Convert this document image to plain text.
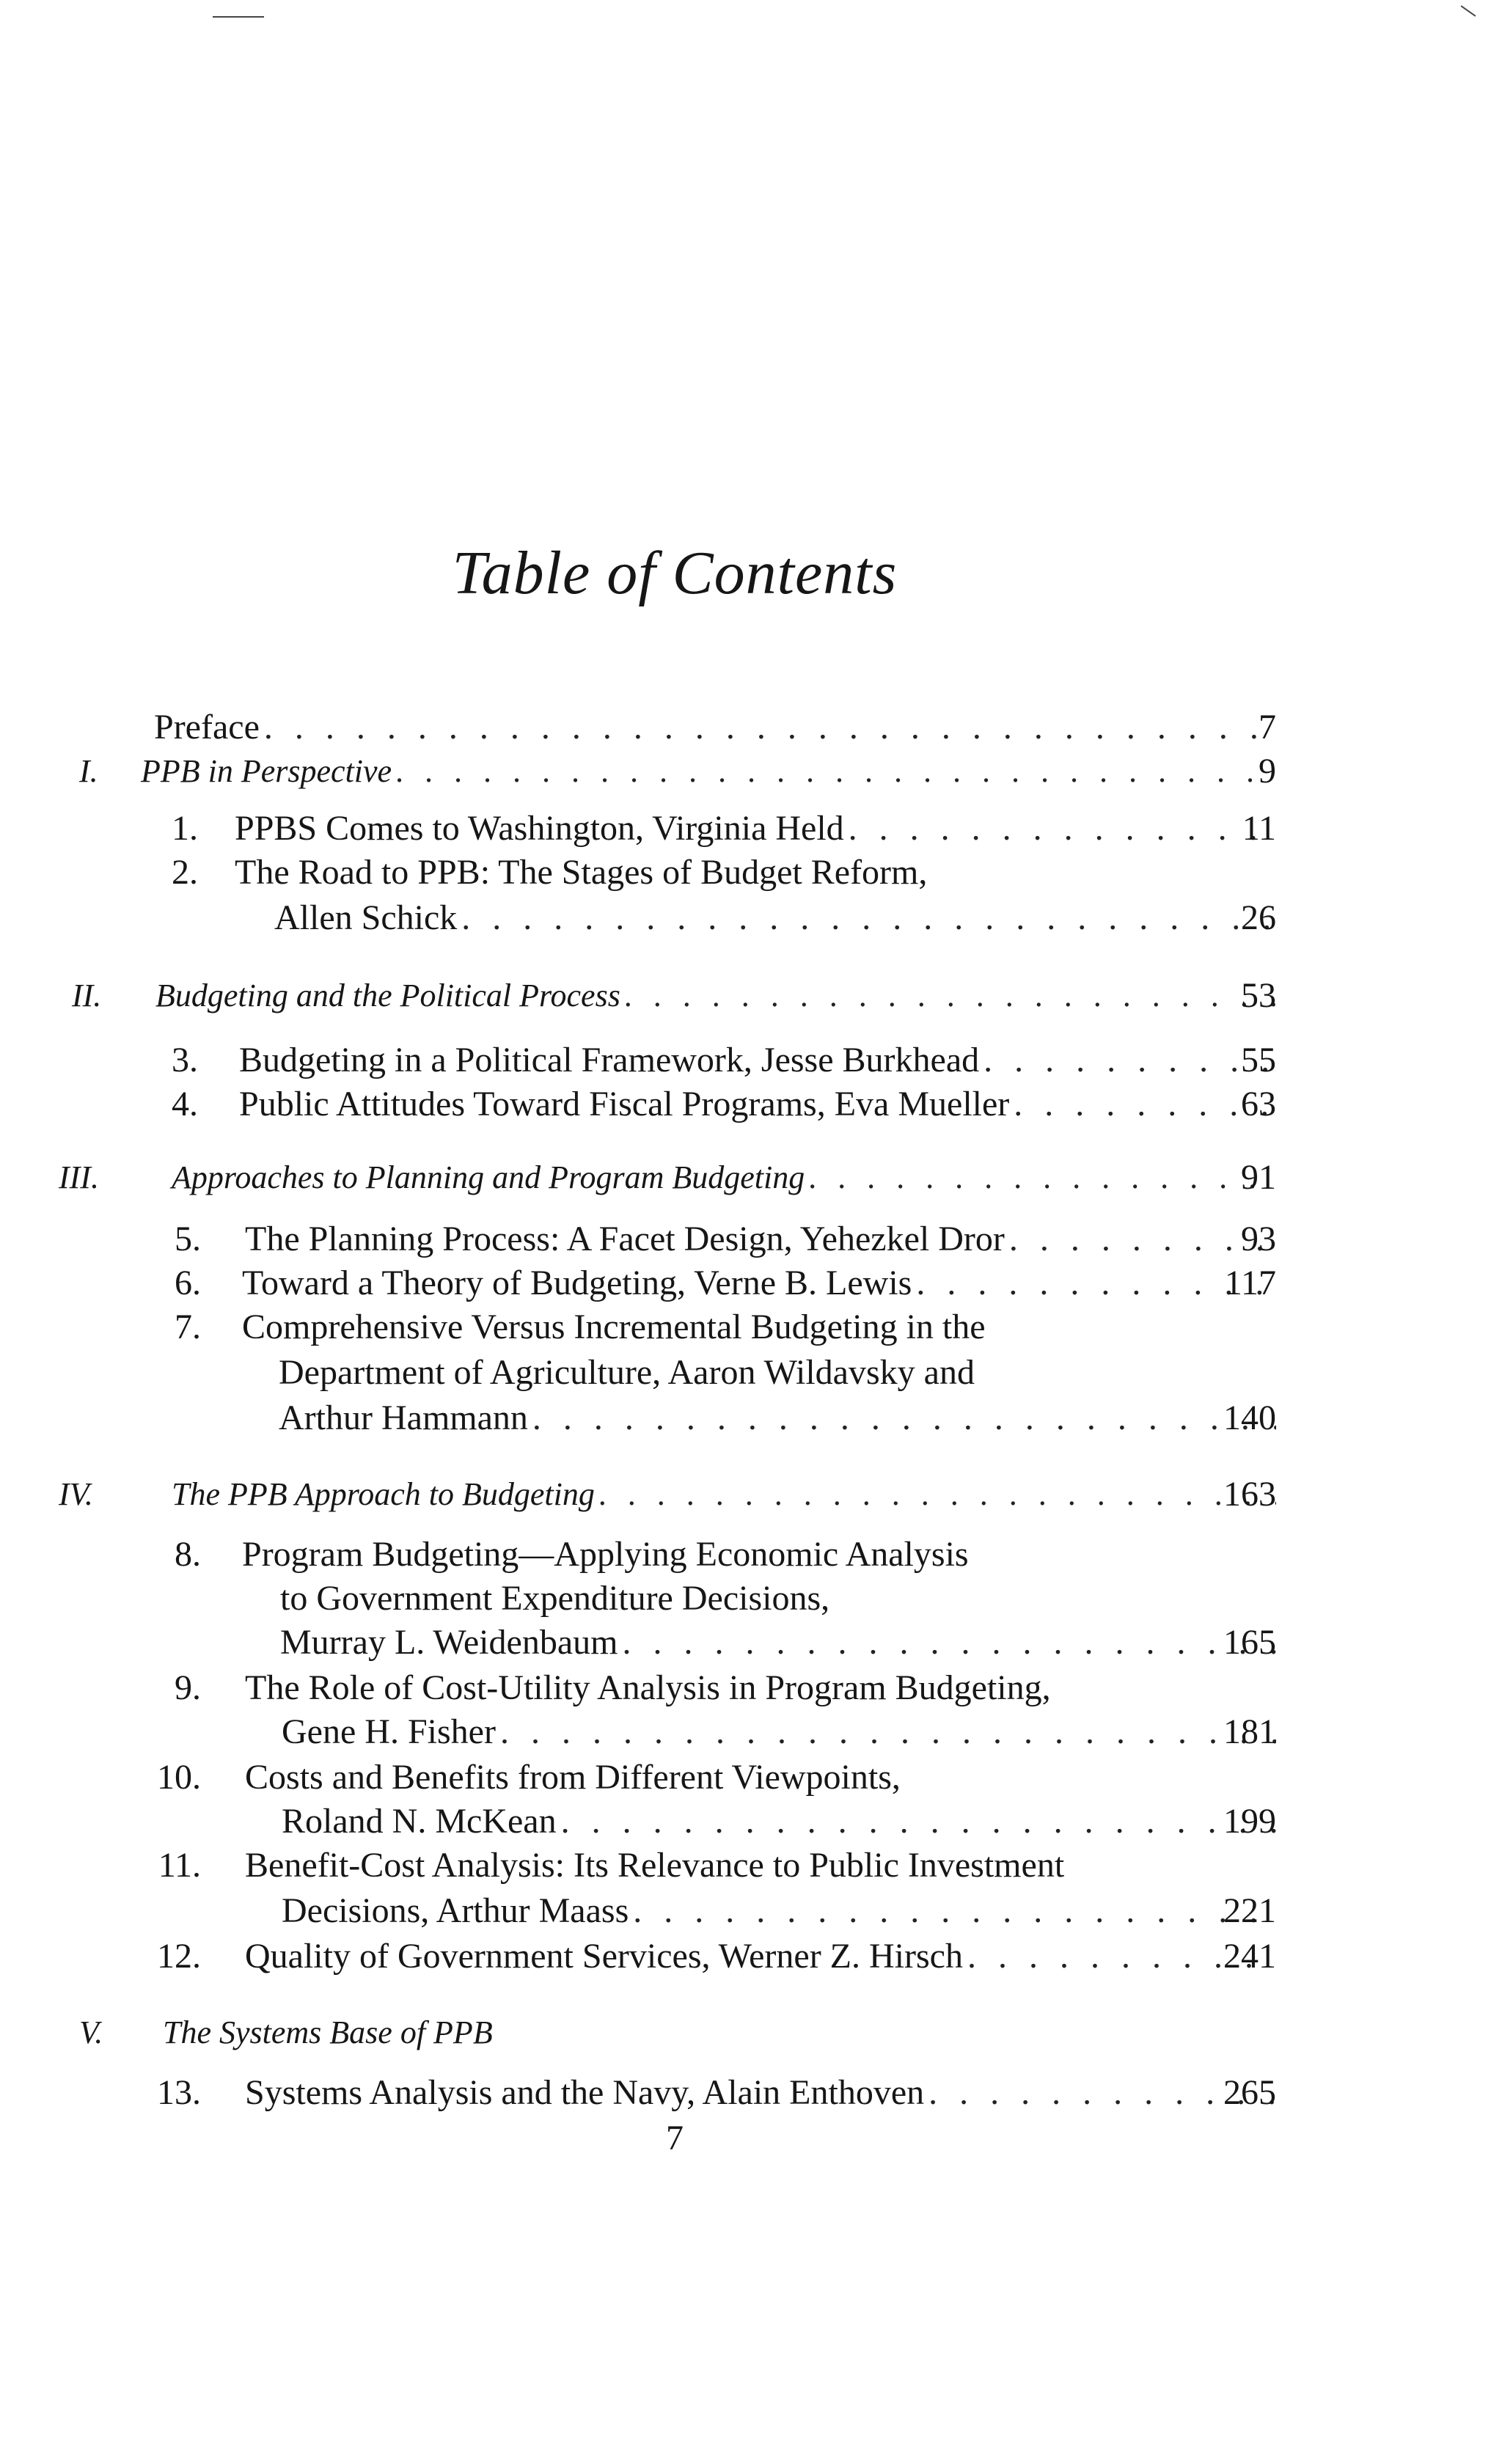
Table of Contents
Preface . . .	7
I. PPB in Perspective . . .	9
1. PPBS Comes to Washington, Virginia Held . . .	11
2. The Road to PPB: The Stages of Budget Reform,
Allen Schick . . .	26
II. Budgeting and the Political Process . . .	53
3. Budgeting in a Political Framework, Jesse Burkhead . . .	55
4. Public Attitudes Toward Fiscal Programs, Eva Mueller . . .	63
III. Approaches to Planning and Program Budgeting . . .	91
5. The Planning Process: A Facet Design, Yehezkel Dror . . .	93
6. Toward a Theory of Budgeting, Verne B. Lewis . . .	117
7. Comprehensive Versus Incremental Budgeting in the
Department of Agriculture, Aaron Wildavsky and
Arthur Hammann . . .	140
IV. The PPB Approach to Budgeting . . .	163
8. Program Budgeting—Applying Economic Analysis
to Government Expenditure Decisions,
Murray L. Weidenbaum . . .	165
9. The Role of Cost-Utility Analysis in Program Budgeting,
Gene H. Fisher . . .	181
10. Costs and Benefits from Different Viewpoints,
Roland N. McKean . . .	199
11. Benefit-Cost Analysis: Its Relevance to Public Investment
Decisions, Arthur Maass . . .	221
12. Quality of Government Services, Werner Z. Hirsch . . .	241
V. The Systems Base of PPB
13. Systems Analysis and the Navy, Alain Enthoven . . .	265
7
